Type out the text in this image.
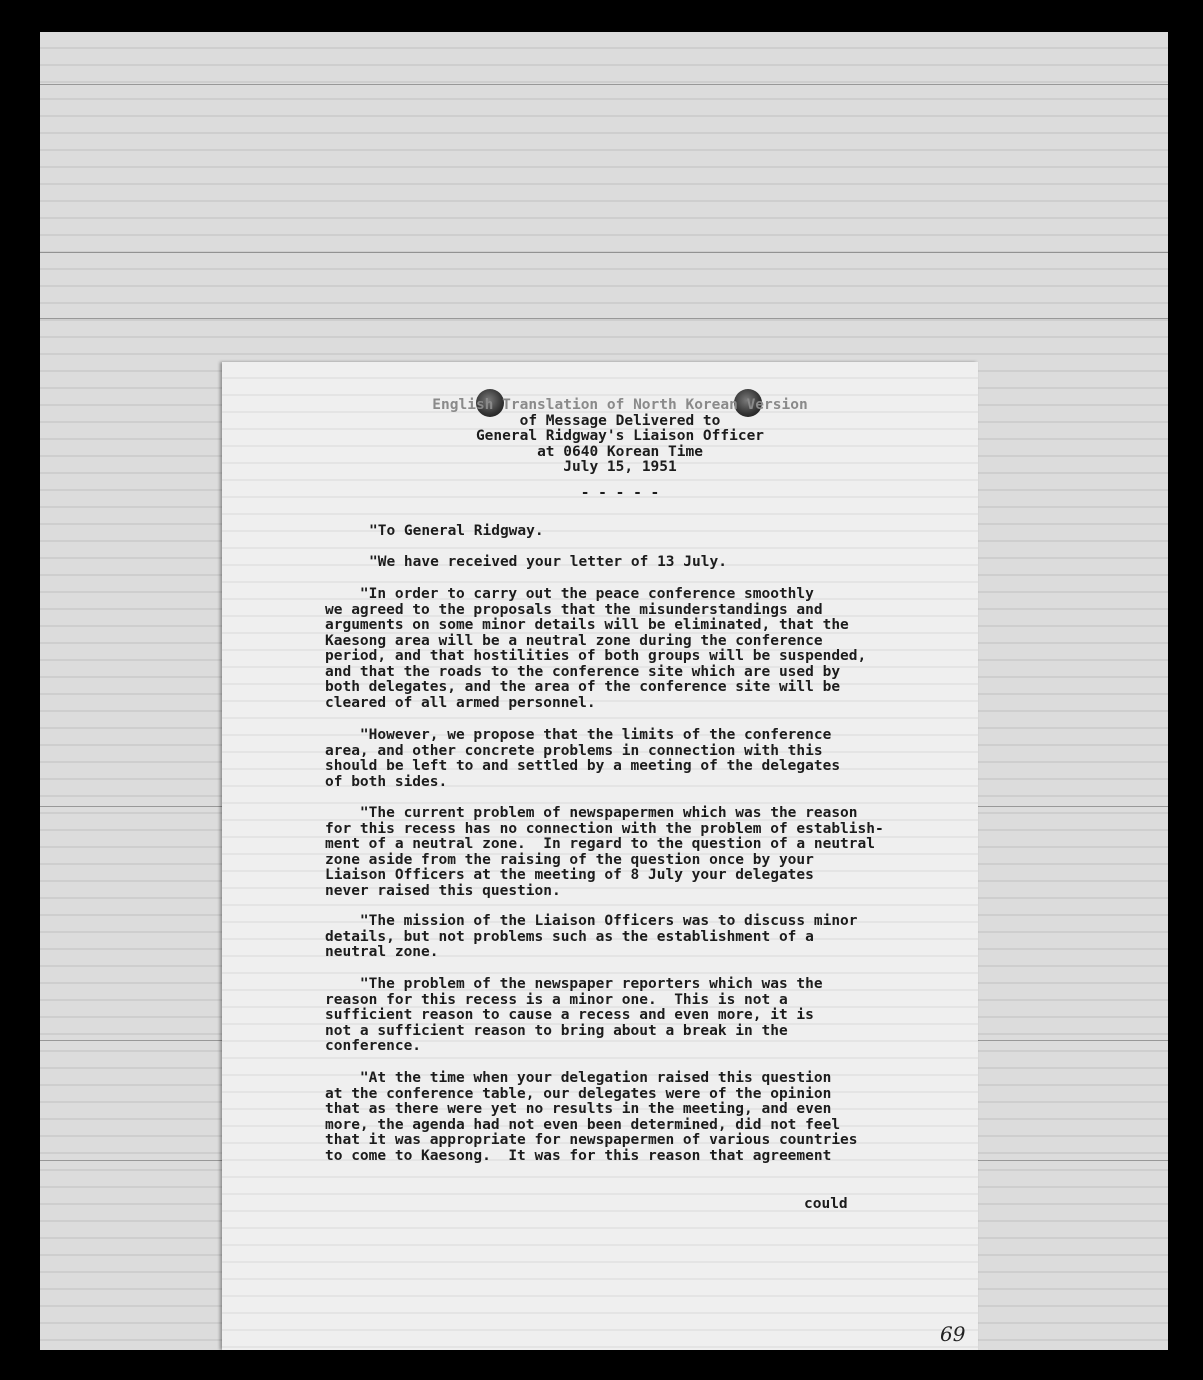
English Translation of North Korean Version
of Message Delivered to
General Ridgway's Liaison Officer
at 0640 Korean Time
July 15, 1951
- - - - -
"To General Ridgway.
"We have received your letter of 13 July.
"In order to carry out the peace conference smoothly
we agreed to the proposals that the misunderstandings and
arguments on some minor details will be eliminated, that the
Kaesong area will be a neutral zone during the conference
period, and that hostilities of both groups will be suspended,
and that the roads to the conference site which are used by
both delegates, and the area of the conference site will be
cleared of all armed personnel.
"However, we propose that the limits of the conference
area, and other concrete problems in connection with this
should be left to and settled by a meeting of the delegates
of both sides.
"The current problem of newspapermen which was the reason
for this recess has no connection with the problem of establish-
ment of a neutral zone.  In regard to the question of a neutral
zone aside from the raising of the question once by your
Liaison Officers at the meeting of 8 July your delegates
never raised this question.
"The mission of the Liaison Officers was to discuss minor
details, but not problems such as the establishment of a
neutral zone.
"The problem of the newspaper reporters which was the
reason for this recess is a minor one.  This is not a
sufficient reason to cause a recess and even more, it is
not a sufficient reason to bring about a break in the
conference.
"At the time when your delegation raised this question
at the conference table, our delegates were of the opinion
that as there were yet no results in the meeting, and even
more, the agenda had not even been determined, did not feel
that it was appropriate for newspapermen of various countries
to come to Kaesong.  It was for this reason that agreement
could
69
